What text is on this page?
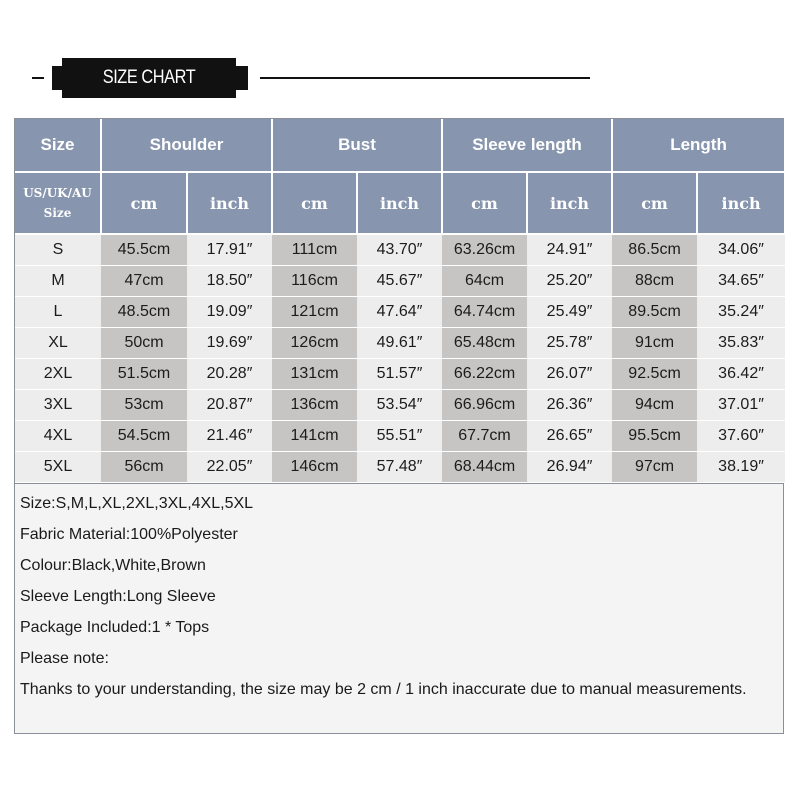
SIZE CHART
Size	Shoulder		Bust		Sleeve length		Length	
US/UK/AU
Size	cm	inch	cm	inch	cm	inch	cm	inch
S	45.5cm	17.91″	111cm	43.70″	63.26cm	24.91″	86.5cm	34.06″
M	47cm	18.50″	116cm	45.67″	64cm	25.20″	88cm	34.65″
L	48.5cm	19.09″	121cm	47.64″	64.74cm	25.49″	89.5cm	35.24″
XL	50cm	19.69″	126cm	49.61″	65.48cm	25.78″	91cm	35.83″
2XL	51.5cm	20.28″	131cm	51.57″	66.22cm	26.07″	92.5cm	36.42″
3XL	53cm	20.87″	136cm	53.54″	66.96cm	26.36″	94cm	37.01″
4XL	54.5cm	21.46″	141cm	55.51″	67.7cm	26.65″	95.5cm	37.60″
5XL	56cm	22.05″	146cm	57.48″	68.44cm	26.94″	97cm	38.19″
Size:S,M,L,XL,2XL,3XL,4XL,5XL
Fabric Material:100%Polyester
Colour:Black,White,Brown
Sleeve Length:Long Sleeve
Package Included:1 * Tops
Please note:
Thanks to your understanding, the size may be 2 cm / 1 inch inaccurate due to manual measurements.
